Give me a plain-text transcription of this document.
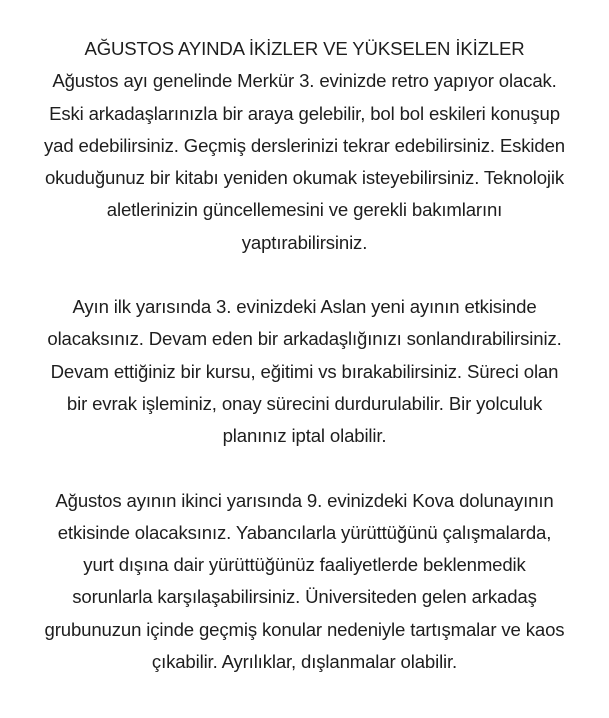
AĞUSTOS AYINDA İKİZLER VE YÜKSELEN İKİZLER
Ağustos ayı genelinde Merkür 3. evinizde retro yapıyor olacak.
Eski arkadaşlarınızla bir araya gelebilir, bol bol eskileri konuşup
yad edebilirsiniz. Geçmiş derslerinizi tekrar edebilirsiniz. Eskiden
okuduğunuz bir kitabı yeniden okumak isteyebilirsiniz. Teknolojik
aletlerinizin güncellemesini ve gerekli bakımlarını
yaptırabilirsiniz.
Ayın ilk yarısında 3. evinizdeki Aslan yeni ayının etkisinde
olacaksınız. Devam eden bir arkadaşlığınızı sonlandırabilirsiniz.
Devam ettiğiniz bir kursu, eğitimi vs bırakabilirsiniz. Süreci olan
bir evrak işleminiz, onay sürecini durdurulabilir. Bir yolculuk
planınız iptal olabilir.
Ağustos ayının ikinci yarısında 9. evinizdeki Kova dolunayının
etkisinde olacaksınız. Yabancılarla yürüttüğünü çalışmalarda,
yurt dışına dair yürüttüğünüz faaliyetlerde beklenmedik
sorunlarla karşılaşabilirsiniz. Üniversiteden gelen arkadaş
grubunuzun içinde geçmiş konular nedeniyle tartışmalar ve kaos
çıkabilir. Ayrılıklar, dışlanmalar olabilir.
